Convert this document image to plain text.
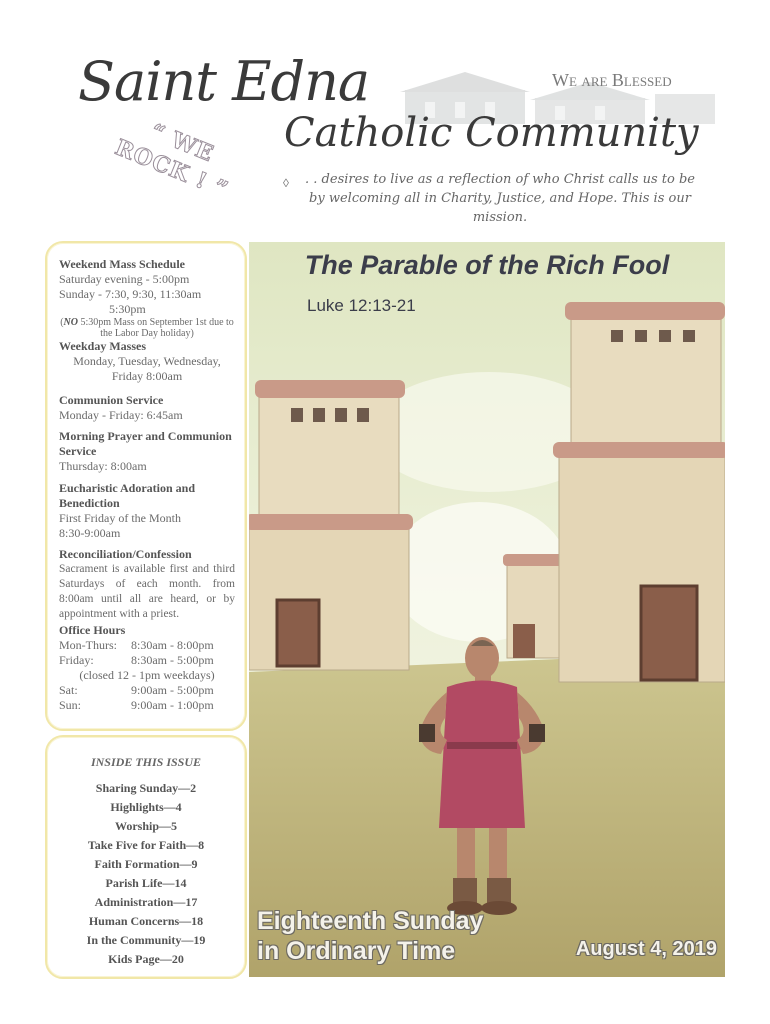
Saint Edna	We are Blessed
Catholic Community
“ WE ROCK ! ”	◊	. . desires to live as a reflection of who Christ calls us to be by welcoming all in Charity, Justice, and Hope. This is our mission.
Weekend Mass Schedule
Saturday evening - 5:00pm
Sunday - 7:30, 9:30, 11:30am
5:30pm
(NO 5:30pm Mass on September 1st due to the Labor Day holiday)
Weekday Masses
Monday, Tuesday, Wednesday, Friday 8:00am
Communion Service
Monday - Friday: 6:45am
Morning Prayer and Communion Service
Thursday: 8:00am
Eucharistic Adoration and Benediction
First Friday of the Month
8:30-9:00am
Reconciliation/Confession
Sacrament is available first and third Saturdays of each month. from 8:00am until all are heard, or by appointment with a priest.
Office Hours
Mon-Thurs:	8:30am - 8:00pm
Friday:	8:30am - 5:00pm
(closed 12 - 1pm weekdays)
Sat:	9:00am - 5:00pm
Sun:	9:00am - 1:00pm
INSIDE THIS ISSUE
Sharing Sunday—2
Highlights—4
Worship—5
Take Five for Faith—8
Faith Formation—9
Parish Life—14
Administration—17
Human Concerns—18
In the Community—19
Kids Page—20
The Parable of the Rich Fool
Luke 12:13-21
Eighteenth Sunday
in Ordinary Time	August 4, 2019
